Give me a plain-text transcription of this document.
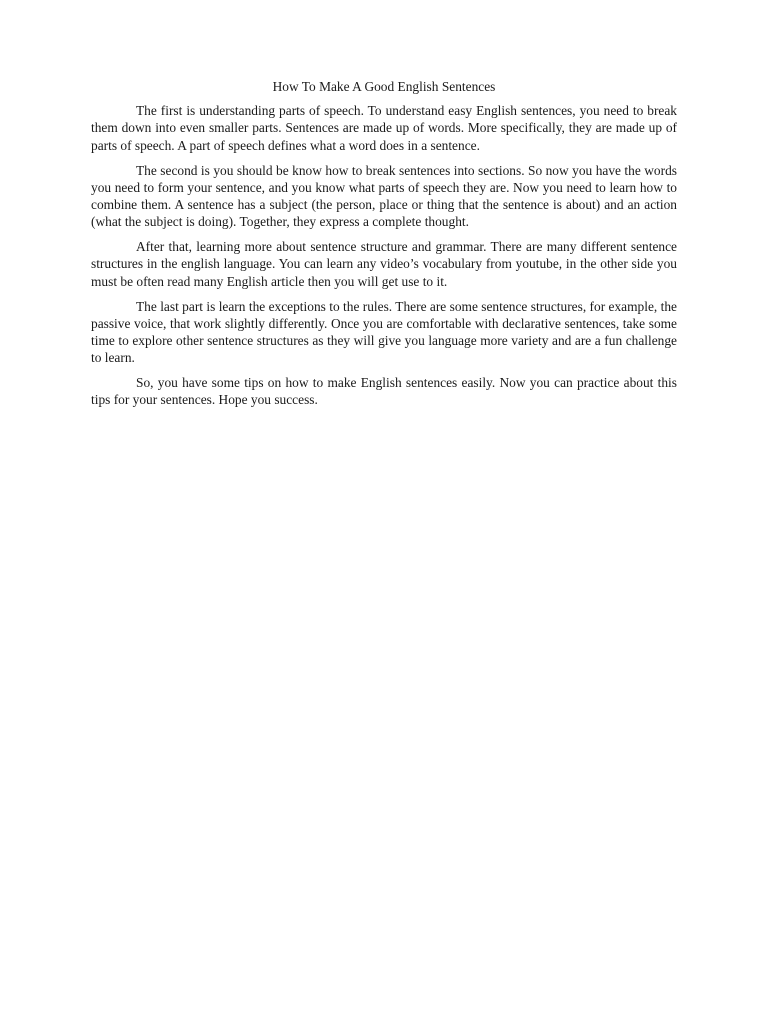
How To Make A Good English Sentences

The first is understanding parts of speech. To understand easy English sentences, you need to break them down into even smaller parts. Sentences are made up of words. More specifically, they are made up of parts of speech. A part of speech defines what a word does in a sentence.

The second is you should be know how to break sentences into sections. So now you have the words you need to form your sentence, and you know what parts of speech they are. Now you need to learn how to combine them. A sentence has a subject (the person, place or thing that the sentence is about) and an action (what the subject is doing). Together, they express a complete thought.

After that, learning more about sentence structure and grammar. There are many different sentence structures in the english language. You can learn any video’s vocabulary from youtube, in the other side you must be often read many English article then you will get use to it.

The last part is learn the exceptions to the rules. There are some sentence structures, for example, the passive voice, that work slightly differently. Once you are comfortable with declarative sentences, take some time to explore other sentence structures as they will give you language more variety and are a fun challenge to learn.

So, you have some tips on how to make English sentences easily. Now you can practice about this tips for your sentences. Hope you success.
